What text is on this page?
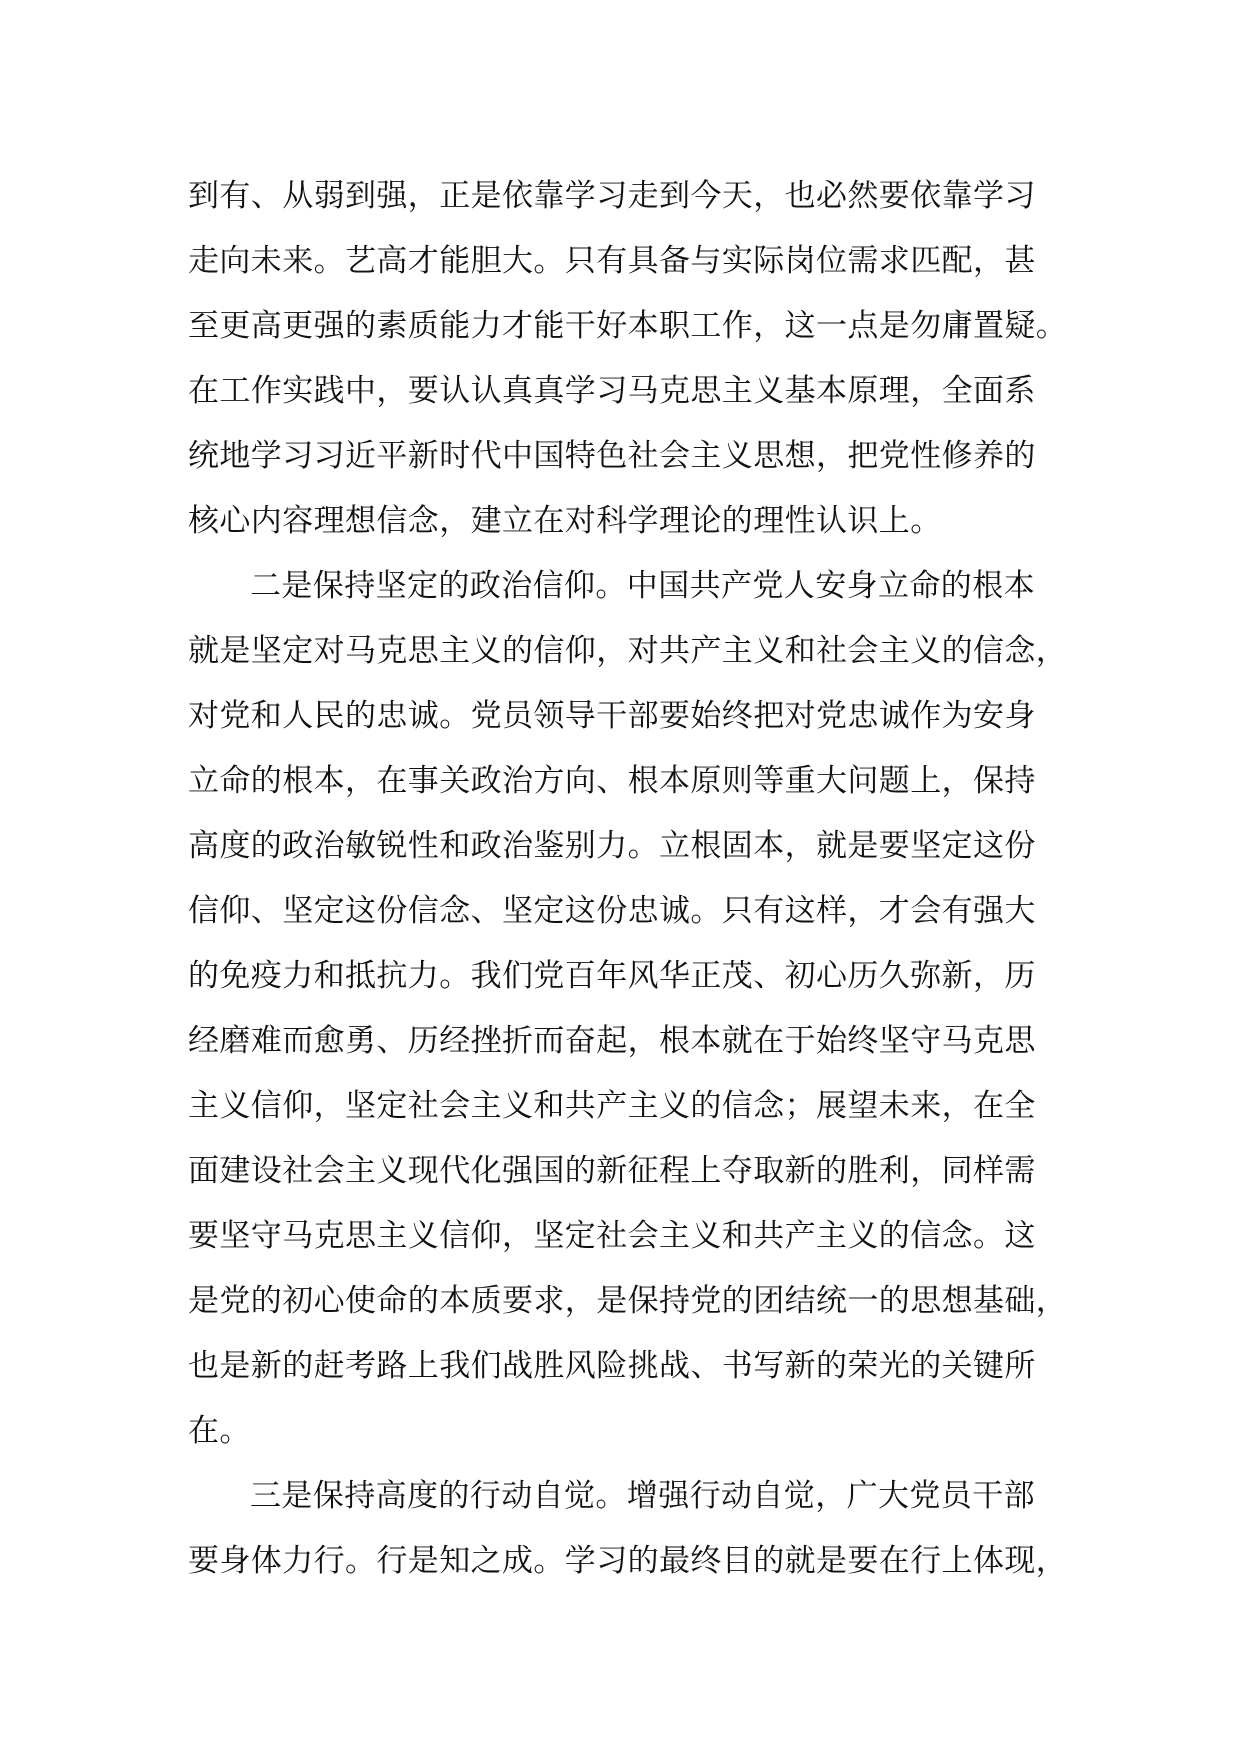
到有、从弱到强，正是依靠学习走到今天，也必然要依靠学习
走向未来。艺高才能胆大。只有具备与实际岗位需求匹配，甚
至更高更强的素质能力才能干好本职工作，这一点是勿庸置疑。
在工作实践中，要认认真真学习马克思主义基本原理，全面系
统地学习习近平新时代中国特色社会主义思想，把党性修养的
核心内容理想信念，建立在对科学理论的理性认识上。
二是保持坚定的政治信仰。中国共产党人安身立命的根本
就是坚定对马克思主义的信仰，对共产主义和社会主义的信念，
对党和人民的忠诚。党员领导干部要始终把对党忠诚作为安身
立命的根本，在事关政治方向、根本原则等重大问题上，保持
高度的政治敏锐性和政治鉴别力。立根固本，就是要坚定这份
信仰、坚定这份信念、坚定这份忠诚。只有这样，才会有强大
的免疫力和抵抗力。我们党百年风华正茂、初心历久弥新，历
经磨难而愈勇、历经挫折而奋起，根本就在于始终坚守马克思
主义信仰，坚定社会主义和共产主义的信念；展望未来，在全
面建设社会主义现代化强国的新征程上夺取新的胜利，同样需
要坚守马克思主义信仰，坚定社会主义和共产主义的信念。这
是党的初心使命的本质要求，是保持党的团结统一的思想基础，
也是新的赶考路上我们战胜风险挑战、书写新的荣光的关键所
在。
三是保持高度的行动自觉。增强行动自觉，广大党员干部
要身体力行。行是知之成。学习的最终目的就是要在行上体现，
